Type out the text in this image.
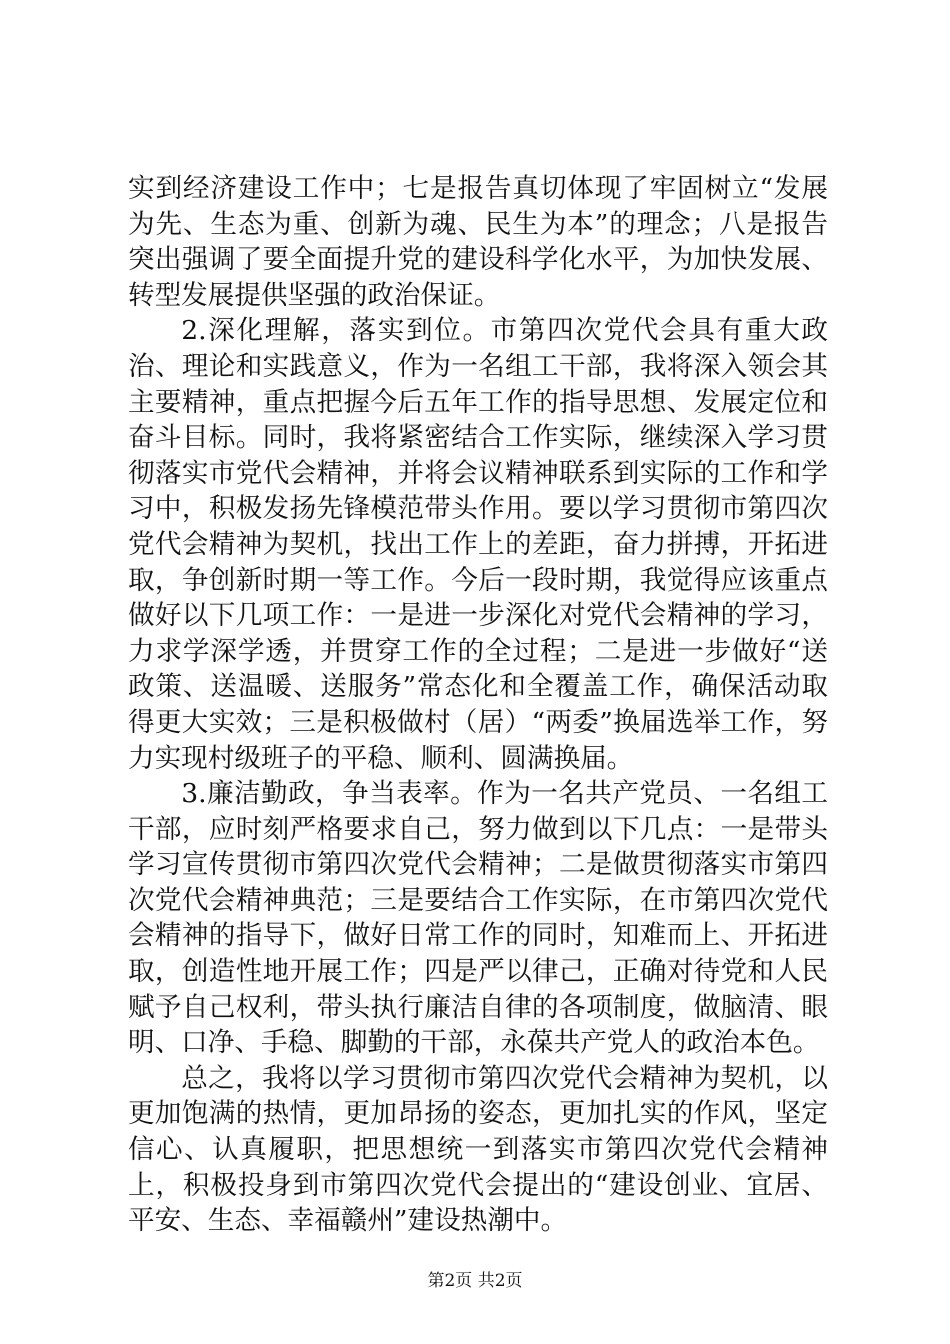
实到经济建设工作中；七是报告真切体现了牢固树立“发展为先、生态为重、创新为魂、民生为本”的理念；八是报告突出强调了要全面提升党的建设科学化水平，为加快发展、转型发展提供坚强的政治保证。

2.深化理解，落实到位。市第四次党代会具有重大政治、理论和实践意义，作为一名组工干部，我将深入领会其主要精神，重点把握今后五年工作的指导思想、发展定位和奋斗目标。同时，我将紧密结合工作实际，继续深入学习贯彻落实市党代会精神，并将会议精神联系到实际的工作和学习中，积极发扬先锋模范带头作用。要以学习贯彻市第四次党代会精神为契机，找出工作上的差距，奋力拼搏，开拓进取，争创新时期一等工作。今后一段时期，我觉得应该重点做好以下几项工作：一是进一步深化对党代会精神的学习，力求学深学透，并贯穿工作的全过程；二是进一步做好“送政策、送温暖、送服务”常态化和全覆盖工作，确保活动取得更大实效；三是积极做村（居）“两委”换届选举工作，努力实现村级班子的平稳、顺利、圆满换届。

3.廉洁勤政，争当表率。作为一名共产党员、一名组工干部，应时刻严格要求自己，努力做到以下几点：一是带头学习宣传贯彻市第四次党代会精神；二是做贯彻落实市第四次党代会精神典范；三是要结合工作实际，在市第四次党代会精神的指导下，做好日常工作的同时，知难而上、开拓进取，创造性地开展工作；四是严以律己，正确对待党和人民赋予自己权利，带头执行廉洁自律的各项制度，做脑清、眼明、口净、手稳、脚勤的干部，永葆共产党人的政治本色。

总之，我将以学习贯彻市第四次党代会精神为契机，以更加饱满的热情，更加昂扬的姿态，更加扎实的作风，坚定信心、认真履职，把思想统一到落实市第四次党代会精神上，积极投身到市第四次党代会提出的“建设创业、宜居、平安、生态、幸福赣州”建设热潮中。

第2页 共2页
